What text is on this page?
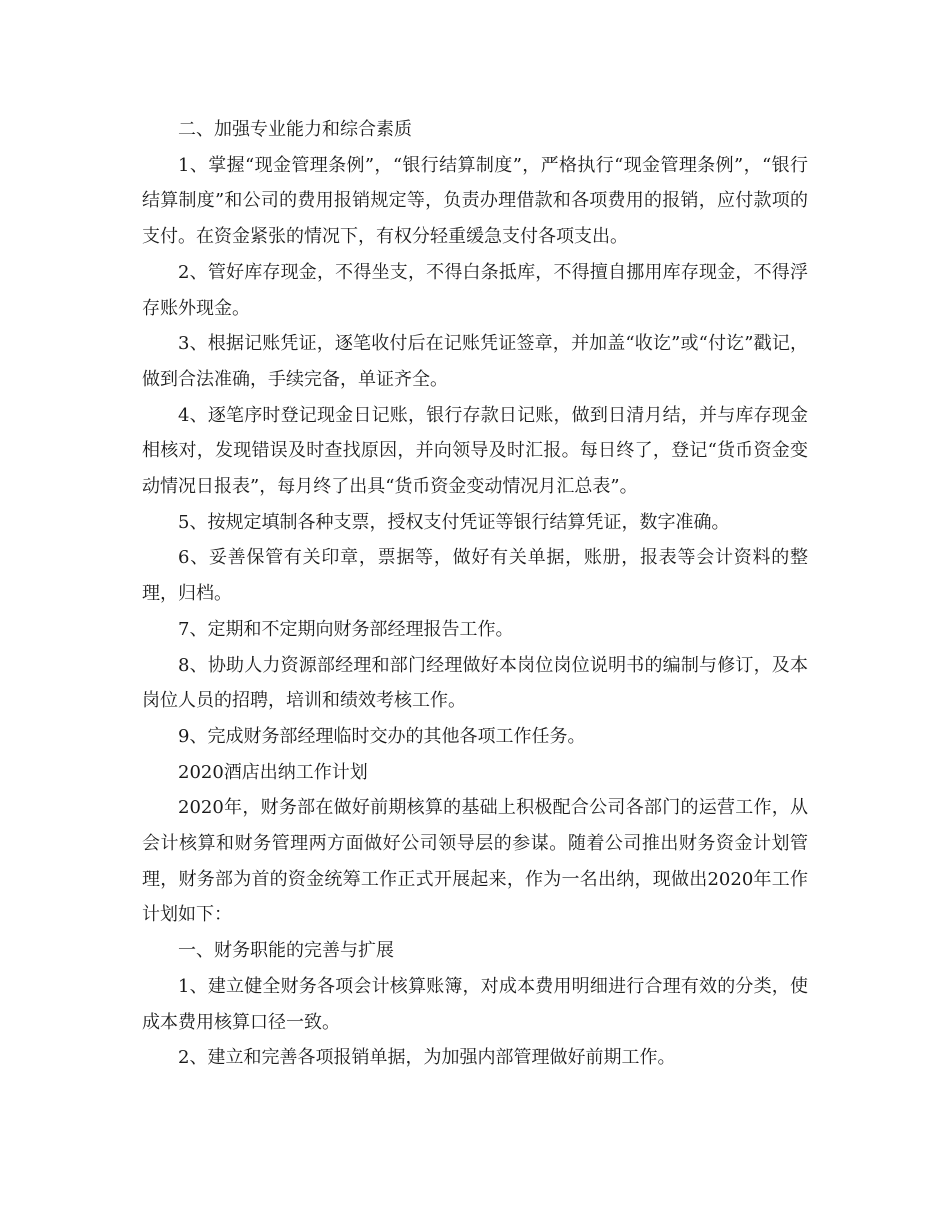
二、加强专业能力和综合素质

1、掌握“现金管理条例”，“银行结算制度”，严格执行“现金管理条例”，“银行结算制度”和公司的费用报销规定等，负责办理借款和各项费用的报销，应付款项的支付。在资金紧张的情况下，有权分轻重缓急支付各项支出。

2、管好库存现金，不得坐支，不得白条抵库，不得擅自挪用库存现金，不得浮存账外现金。

3、根据记账凭证，逐笔收付后在记账凭证签章，并加盖“收讫”或“付讫”戳记，做到合法准确，手续完备，单证齐全。

4、逐笔序时登记现金日记账，银行存款日记账，做到日清月结，并与库存现金相核对，发现错误及时查找原因，并向领导及时汇报。每日终了，登记“货币资金变动情况日报表”，每月终了出具“货币资金变动情况月汇总表”。

5、按规定填制各种支票，授权支付凭证等银行结算凭证，数字准确。

6、妥善保管有关印章，票据等，做好有关单据，账册，报表等会计资料的整理，归档。

7、定期和不定期向财务部经理报告工作。

8、协助人力资源部经理和部门经理做好本岗位岗位说明书的编制与修订，及本岗位人员的招聘，培训和绩效考核工作。

9、完成财务部经理临时交办的其他各项工作任务。

2020酒店出纳工作计划

2020年，财务部在做好前期核算的基础上积极配合公司各部门的运营工作，从会计核算和财务管理两方面做好公司领导层的参谋。随着公司推出财务资金计划管理，财务部为首的资金统筹工作正式开展起来，作为一名出纳，现做出2020年工作计划如下：

一、财务职能的完善与扩展

1、建立健全财务各项会计核算账簿，对成本费用明细进行合理有效的分类，使成本费用核算口径一致。

2、建立和完善各项报销单据，为加强内部管理做好前期工作。
